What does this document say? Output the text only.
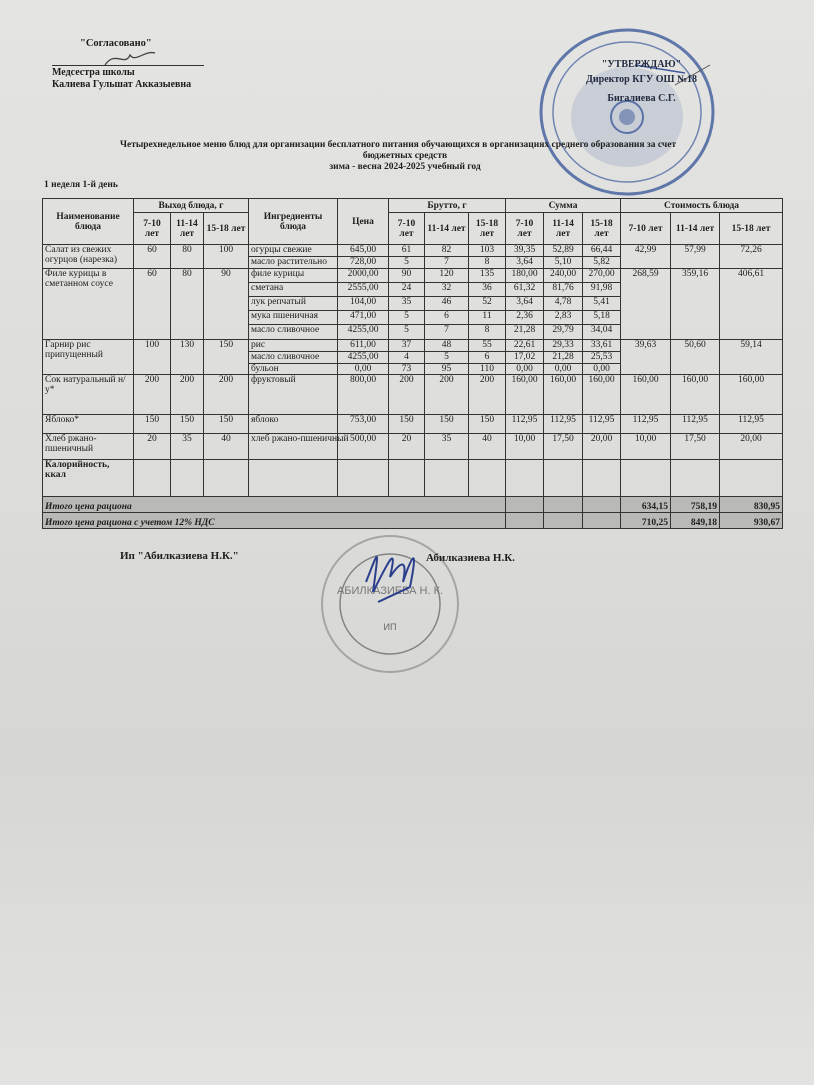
АБИЛКАЗИЕВА Н. К.
ИП
"Согласовано"
Медсестра школы
Калиева Гульшат Акказыевна
"УТВЕРЖДАЮ"
Директор КГУ ОШ №18
Бигалиева С.Г.
Четырехнедельное меню блюд для организации бесплатного питания обучающихся в организациях среднего образования за счет
бюджетных средств
зима - весна 2024-2025 учебный год
1 неделя 1-й день
Наименование блюда	Выход блюда, г			Ингредиенты блюда	Цена	Брутто, г			Сумма			Стоимость блюда		
	7-10 лет	11-14 лет	15-18 лет			7-10 лет	11-14 лет	15-18 лет	7-10 лет	11-14 лет	15-18 лет	7-10 лет	11-14 лет	15-18 лет
Салат из свежих огурцов (нарезка)	60	80	100	огурцы свежие	645,00	61	82	103	39,35	52,89	66,44	42,99	57,99	72,26
				масло растительно	728,00	5	7	8	3,64	5,10	5,82			
Филе курицы в сметанном соусе	60	80	90	филе курицы	2000,00	90	120	135	180,00	240,00	270,00	268,59	359,16	406,61
				сметана	2555,00	24	32	36	61,32	81,76	91,98			
				лук репчатый	104,00	35	46	52	3,64	4,78	5,41			
				мука пшеничная	471,00	5	6	11	2,36	2,83	5,18			
				масло сливочное	4255,00	5	7	8	21,28	29,79	34,04			
Гарнир рис припущенный	100	130	150	рис	611,00	37	48	55	22,61	29,33	33,61	39,63	50,60	59,14
				масло сливочное	4255,00	4	5	6	17,02	21,28	25,53			
				бульон	0,00	73	95	110	0,00	0,00	0,00			
Сок натуральный н/у*	200	200	200	фруктовый	800,00	200	200	200	160,00	160,00	160,00	160,00	160,00	160,00
Яблоко*	150	150	150	яблоко	753,00	150	150	150	112,95	112,95	112,95	112,95	112,95	112,95
Хлеб ржано-пшеничный	20	35	40	хлеб ржано-пшеничный	500,00	20	35	40	10,00	17,50	20,00	10,00	17,50	20,00
Калорийность, ккал														
Итого цена рациона												634,15	758,19	830,95
Итого цена рациона с учетом 12% НДС												710,25	849,18	930,67
Ип "Абилказиева Н.К."	Абилказиева Н.К.
